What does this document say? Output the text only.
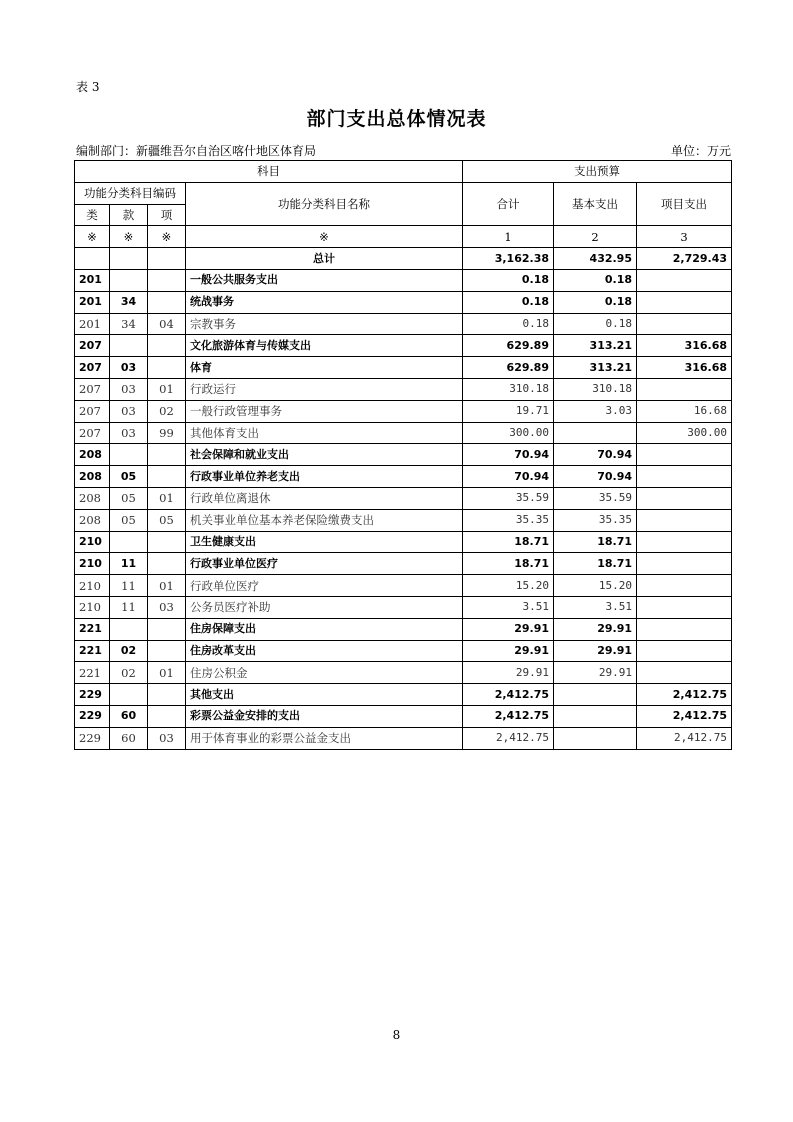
表 3
部门支出总体情况表
编制部门：新疆维吾尔自治区喀什地区体育局	单位：万元
科目				支出预算		
功能分类科目编码			功能分类科目名称	合计	基本支出	项目支出
类	款	项				
※	※	※	※	1	2	3
			总计	3,162.38	432.95	2,729.43
201			一般公共服务支出	0.18	0.18	
201	34		统战事务	0.18	0.18	
201	34	04	宗教事务	0.18	0.18	
207			文化旅游体育与传媒支出	629.89	313.21	316.68
207	03		体育	629.89	313.21	316.68
207	03	01	行政运行	310.18	310.18	
207	03	02	一般行政管理事务	19.71	3.03	16.68
207	03	99	其他体育支出	300.00		300.00
208			社会保障和就业支出	70.94	70.94	
208	05		行政事业单位养老支出	70.94	70.94	
208	05	01	行政单位离退休	35.59	35.59	
208	05	05	机关事业单位基本养老保险缴费支出	35.35	35.35	
210			卫生健康支出	18.71	18.71	
210	11		行政事业单位医疗	18.71	18.71	
210	11	01	行政单位医疗	15.20	15.20	
210	11	03	公务员医疗补助	3.51	3.51	
221			住房保障支出	29.91	29.91	
221	02		住房改革支出	29.91	29.91	
221	02	01	住房公积金	29.91	29.91	
229			其他支出	2,412.75		2,412.75
229	60		彩票公益金安排的支出	2,412.75		2,412.75
229	60	03	用于体育事业的彩票公益金支出	2,412.75		2,412.75
8
